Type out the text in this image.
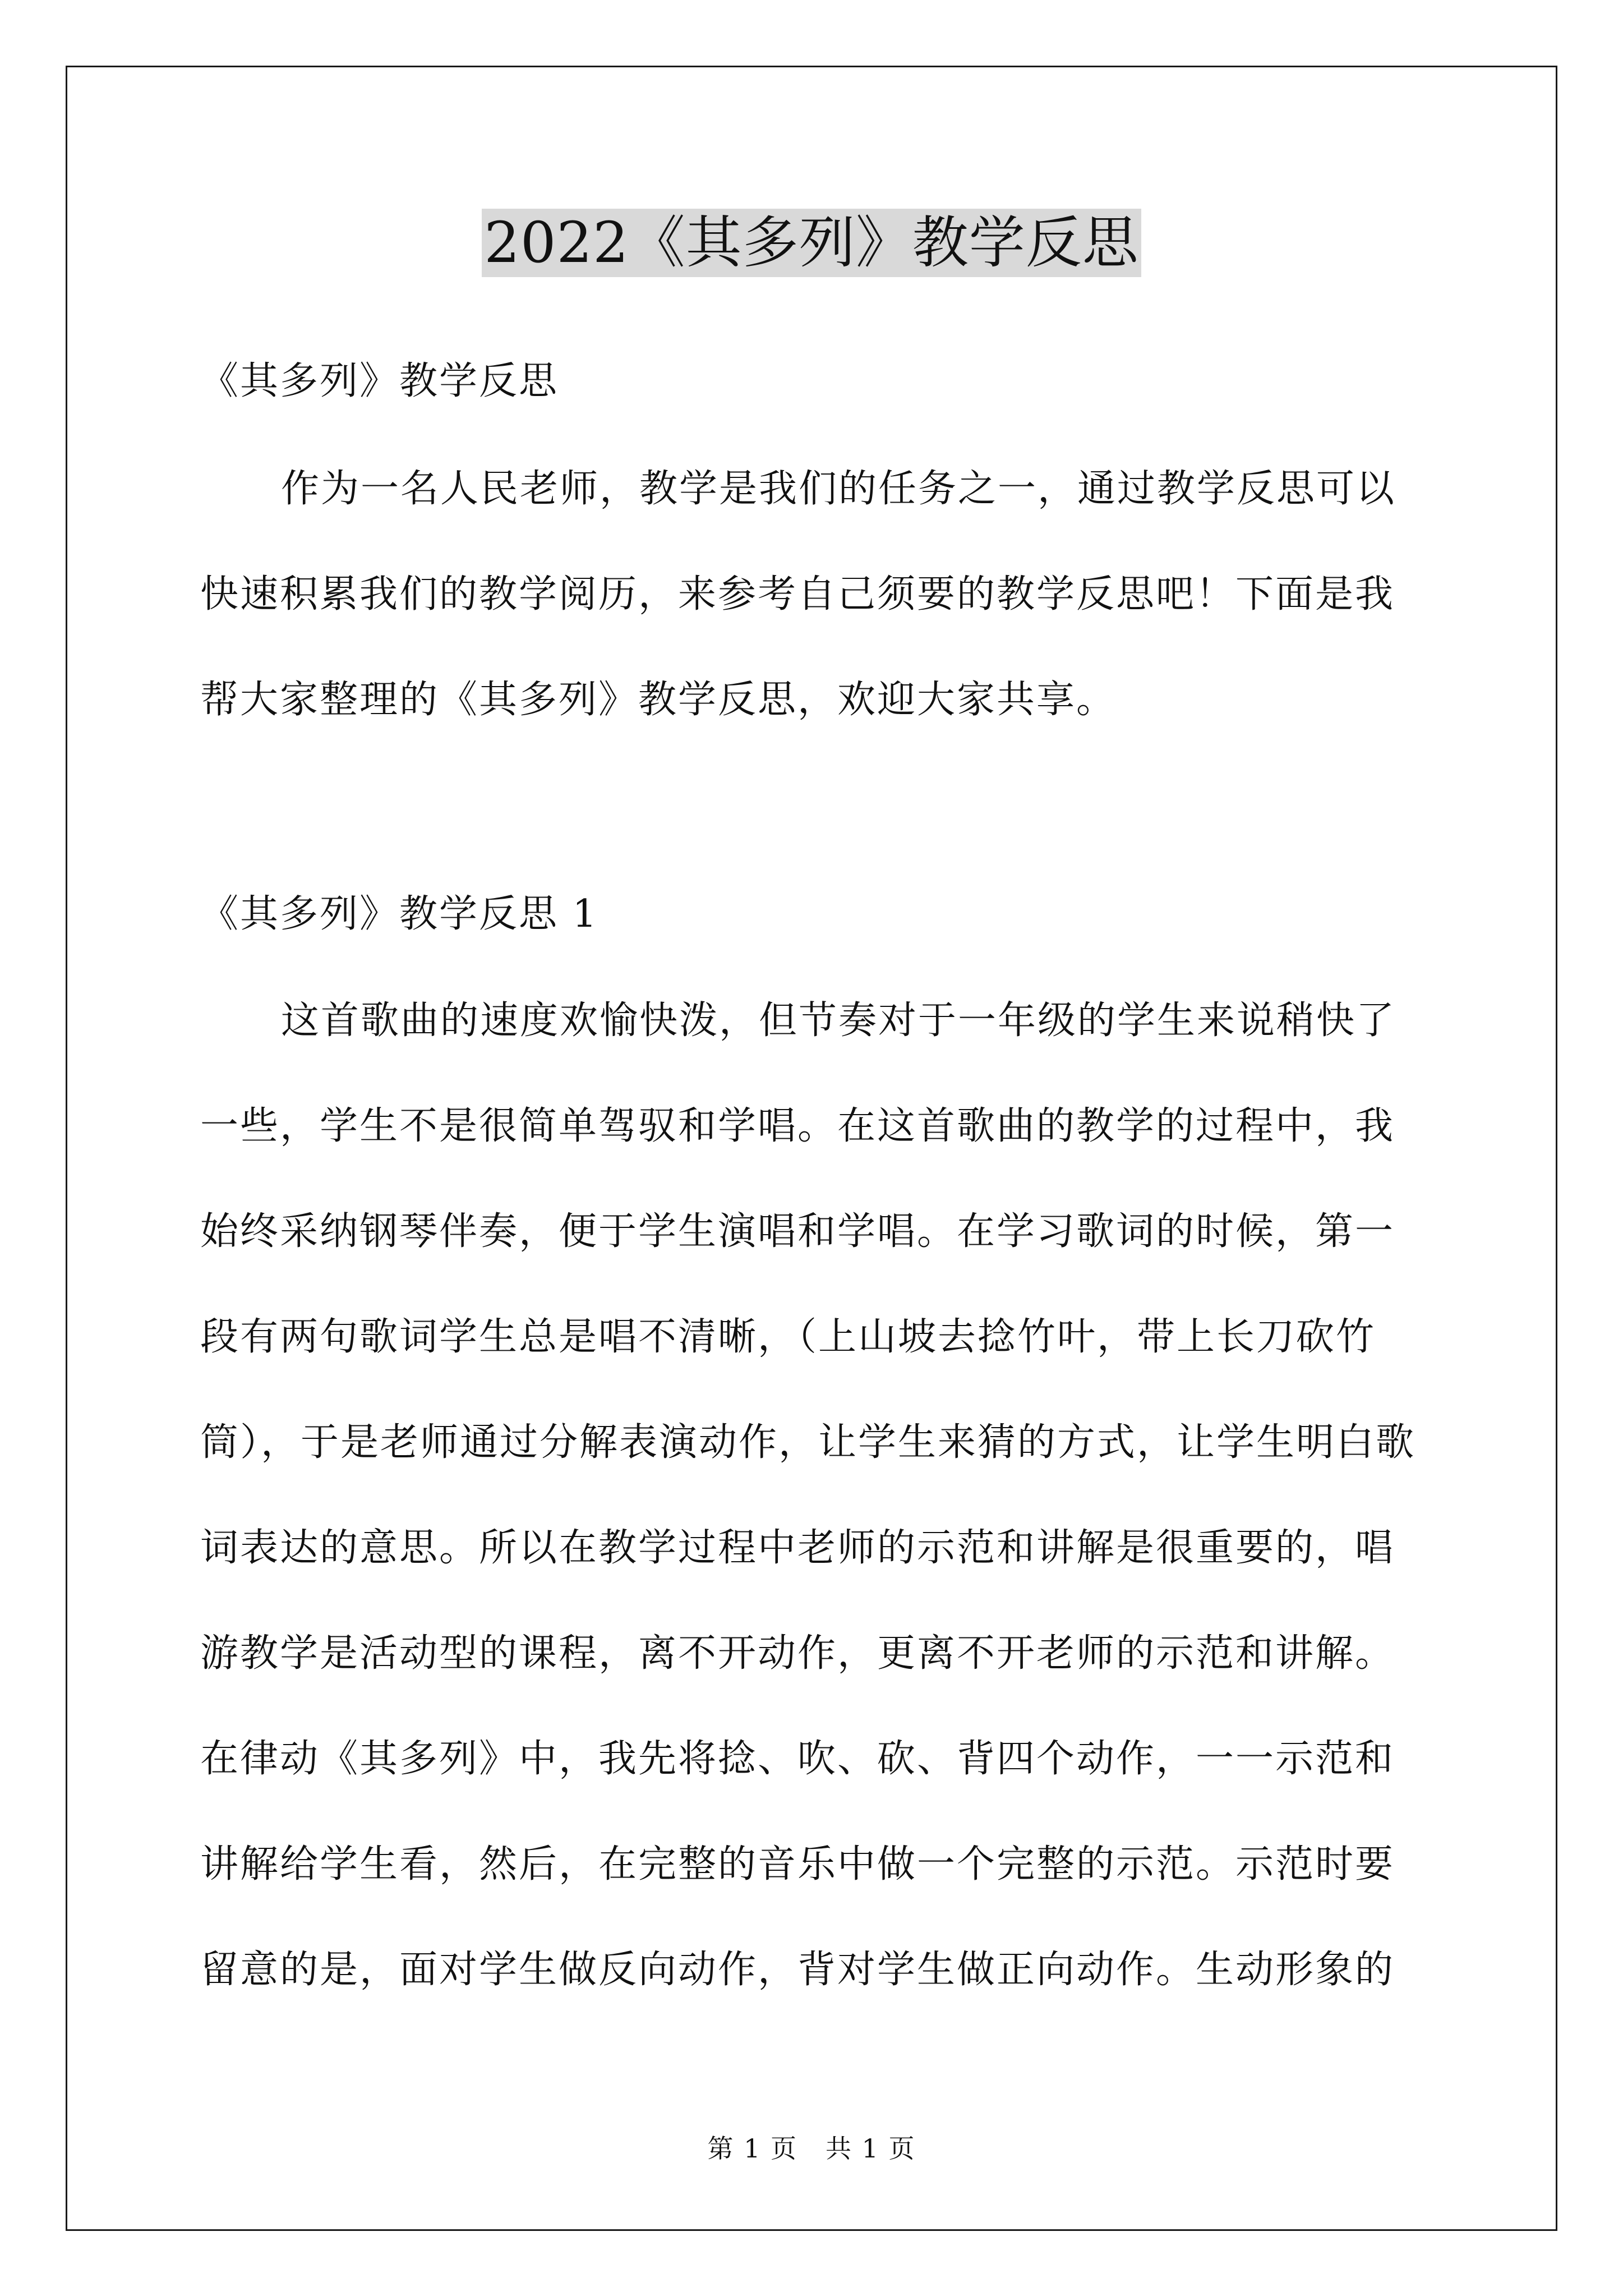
2022《其多列》教学反思
《其多列》教学反思
作为一名人民老师，教学是我们的任务之一，通过教学反思可以
快速积累我们的教学阅历，来参考自己须要的教学反思吧！下面是我
帮大家整理的《其多列》教学反思，欢迎大家共享。
《其多列》教学反思 1
这首歌曲的速度欢愉快泼，但节奏对于一年级的学生来说稍快了
一些，学生不是很简单驾驭和学唱。在这首歌曲的教学的过程中，我
始终采纳钢琴伴奏，便于学生演唱和学唱。在学习歌词的时候，第一
段有两句歌词学生总是唱不清晰，（上山坡去捻竹叶，带上长刀砍竹
筒），于是老师通过分解表演动作，让学生来猜的方式，让学生明白歌
词表达的意思。所以在教学过程中老师的示范和讲解是很重要的，唱
游教学是活动型的课程，离不开动作，更离不开老师的示范和讲解。
在律动《其多列》中，我先将捻、吹、砍、背四个动作，一一示范和
讲解给学生看，然后，在完整的音乐中做一个完整的示范。示范时要
留意的是，面对学生做反向动作，背对学生做正向动作。生动形象的
第 1 页 共 1 页
